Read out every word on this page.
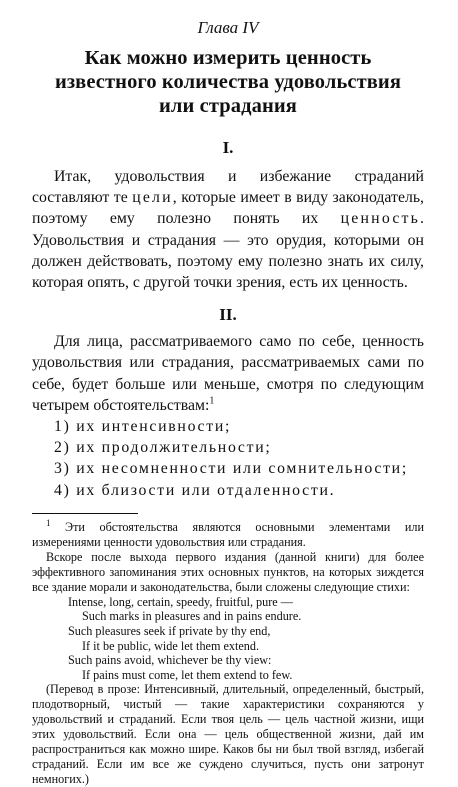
Глава IV
Как можно измерить ценность
известного количества удовольствия
или страдания
I.
Итак, удовольствия и избежание страданий составляют те цели, которые имеет в виду законодатель, поэтому ему полезно понять их ценность. Удовольствия и страдания — это орудия, которыми он должен действовать, поэтому ему полезно знать их силу, которая опять, с другой точки зрения, есть их ценность.
II.
Для лица, рассматриваемого само по себе, ценность удовольствия или страдания, рассматриваемых сами по себе, будет больше или меньше, смотря по следующим четырем обстоятельствам:$^1$
1) их интенсивности;
2) их продолжительности;
3) их несомненности или сомнительности;
4) их близости или отдаленности.
$^1$ Эти обстоятельства являются основными элементами или измерениями ценности удовольствия или страдания.
Вскоре после выхода первого издания (данной книги) для более эффективного запоминания этих основных пунктов, на которых зиждется все здание морали и законодательства, были сложены следующие стихи:
Intense, long, certain, speedy, fruitful, pure —
Such marks in pleasures and in pains endure.
Such pleasures seek if private by thy end,
If it be public, wide let them extend.
Such pains avoid, whichever be thy view:
If pains must come, let them extend to few.
(Перевод в прозе: Интенсивный, длительный, определенный, быстрый, плодотворный, чистый — такие характеристики сохраняются у удовольствий и страданий. Если твоя цель — цель частной жизни, ищи этих удовольствий. Если она — цель общественной жизни, дай им распространиться как можно шире. Каков бы ни был твой взгляд, избегай страданий. Если им все же суждено случиться, пусть они затронут немногих.)
